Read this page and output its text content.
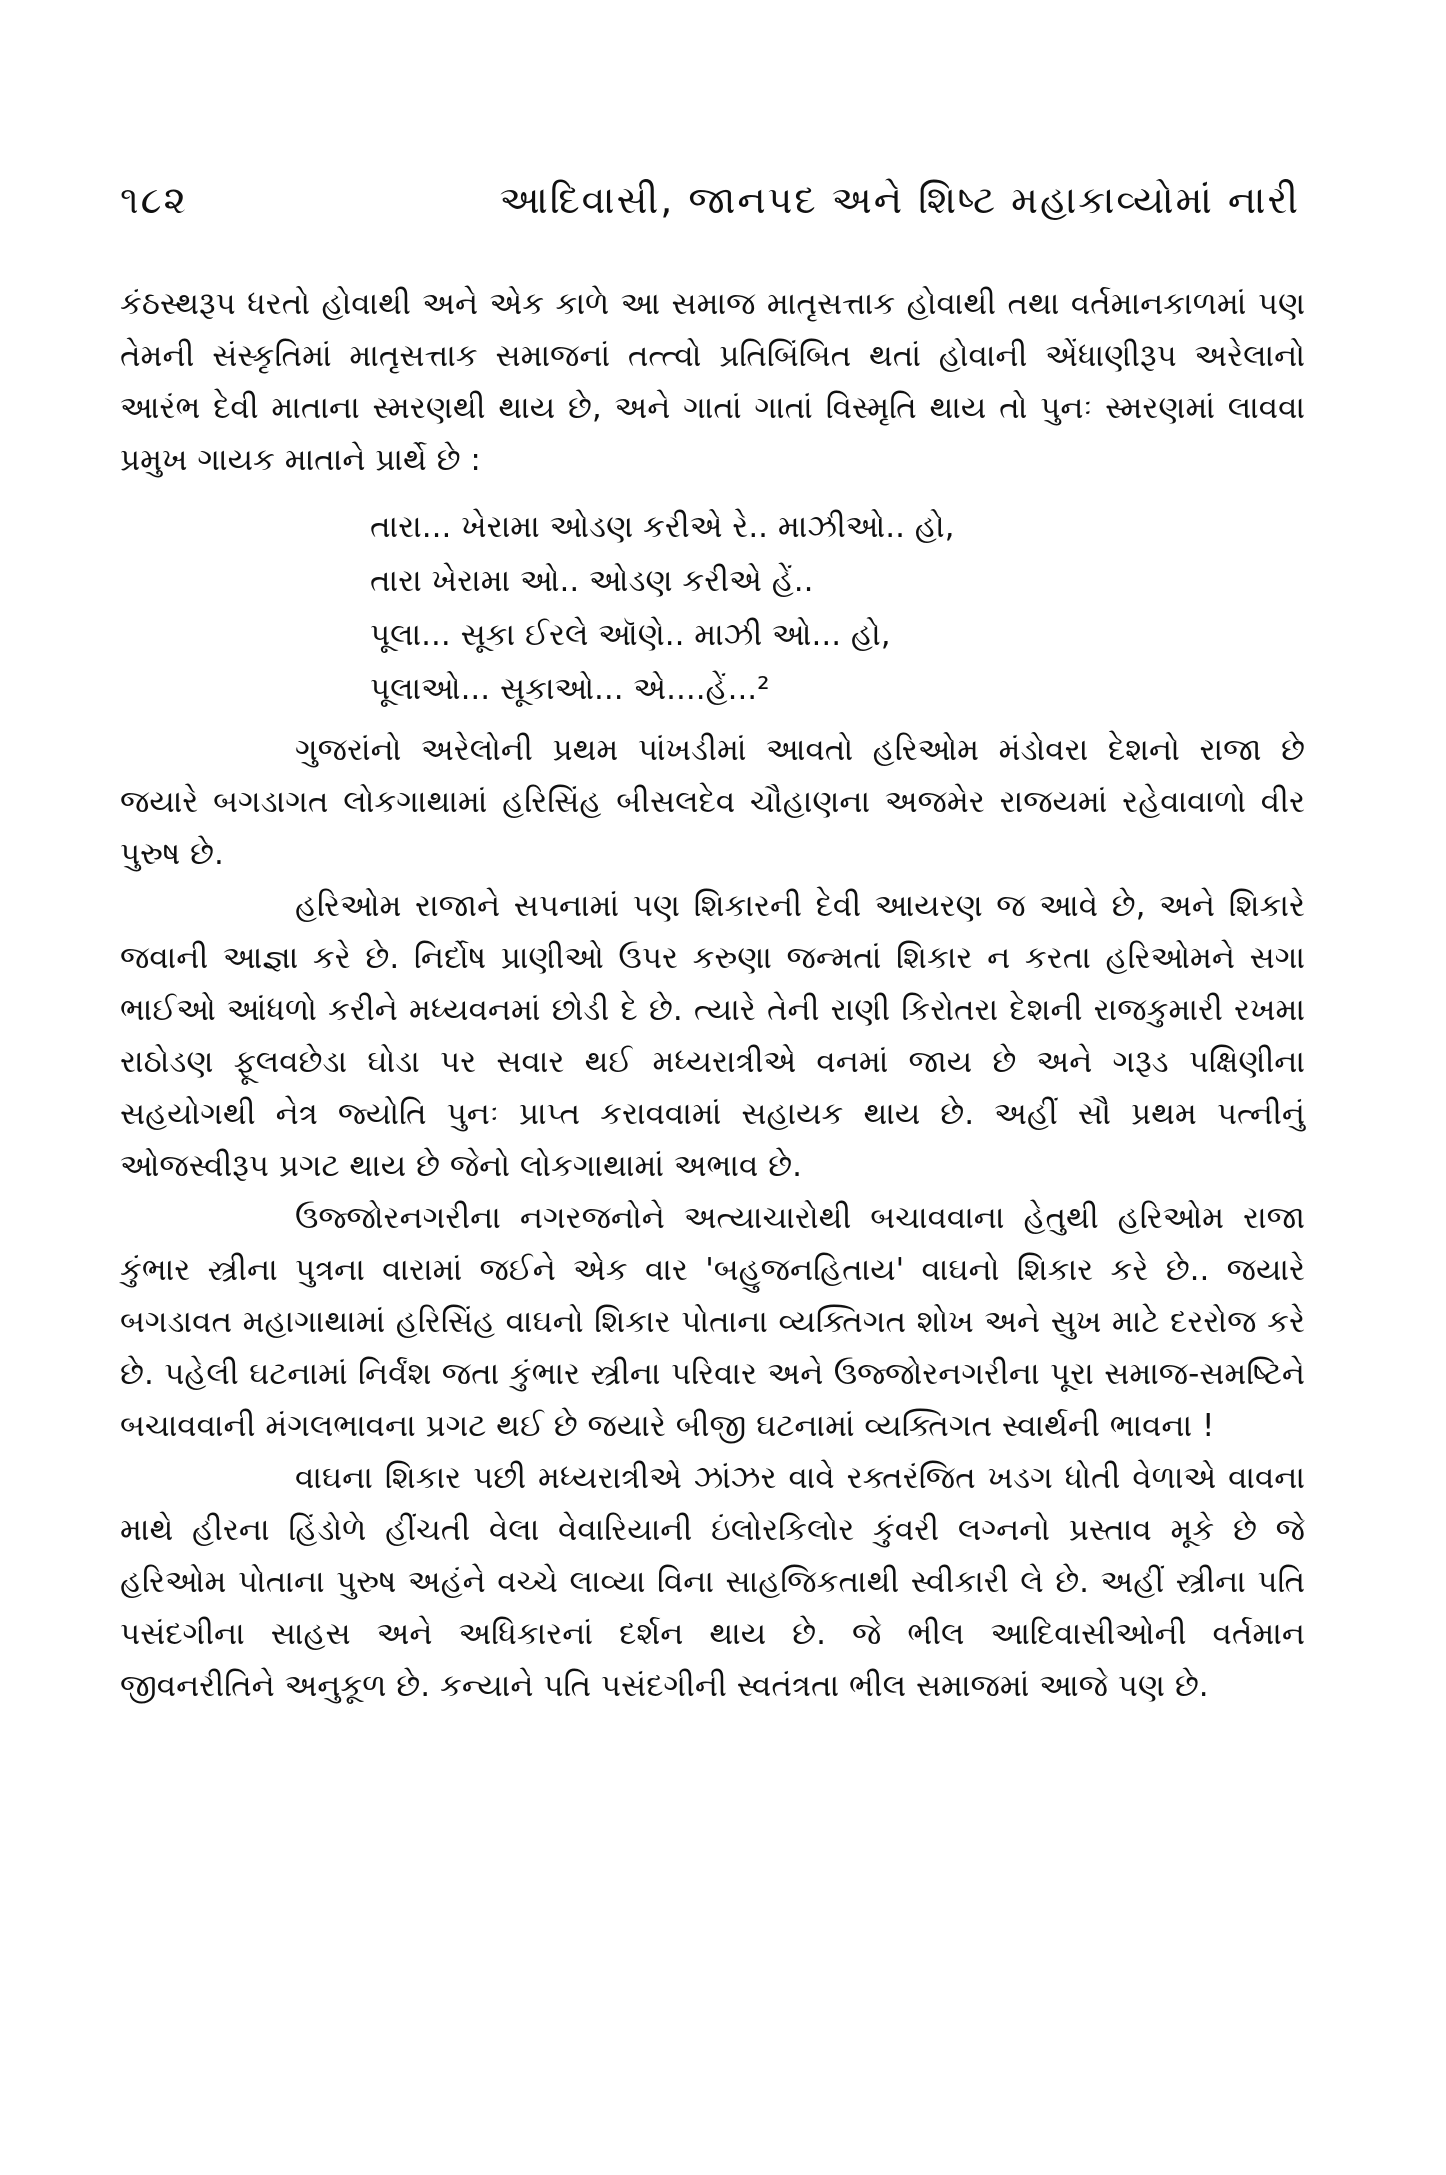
૧૮૨	આદિવાસી, જાનપદ અને શિષ્ટ મહાકાવ્યોમાં નારી

કંઠસ્થરૂપ ધરતો હોવાથી અને એક કાળે આ સમાજ માતૃસત્તાક હોવાથી તથા વર્તમાનકાળમાં પણ તેમની સંસ્કૃતિમાં માતૃસત્તાક સમાજનાં તત્ત્વો પ્રતિબિંબિત થતાં હોવાની એંધાણીરૂપ અરેલાનો આરંભ દેવી માતાના સ્મરણથી થાય છે, અને ગાતાં ગાતાં વિસ્મૃતિ થાય તો પુનઃ સ્મરણમાં લાવવા પ્રમુખ ગાયક માતાને પ્રાર્થે છે :

તારા... ખેરામા ઓડણ કરીએ રે.. માઝીઓ.. હો,
તારા ખેરામા ઓ.. ઓડણ કરીએ હેં..
પૂલા... સૂકા ઈરલે ઑણે.. માઝી ઓ... હો,
પૂલાઓ... સૂકાઓ... એ....હેં...²

ગુજરાંનો અરેલોની પ્રથમ પાંખડીમાં આવતો હરિઓમ મંડોવરા દેશનો રાજા છે જયારે બગડાગત લોકગાથામાં હરિસિંહ બીસલદેવ ચૌહાણના અજમેર રાજયમાં રહેવાવાળો વીર પુરુષ છે.

હરિઓમ રાજાને સપનામાં પણ શિકારની દેવી આયરણ જ આવે છે, અને શિકારે જવાની આજ્ઞા કરે છે. નિર્દોષ પ્રાણીઓ ઉપર કરુણા જન્મતાં શિકાર ન કરતા હરિઓમને સગા ભાઈઓ આંધળો કરીને મધ્યવનમાં છોડી દે છે. ત્યારે તેની રાણી કિરોતરા દેશની રાજકુમારી રખમા રાઠોડણ ફૂલવછેડા ઘોડા પર સવાર થઈ મધ્યરાત્રીએ વનમાં જાય છે અને ગરૂડ પક્ષિણીના સહયોગથી નેત્ર જ્યોતિ પુનઃ પ્રાપ્ત કરાવવામાં સહાયક થાય છે. અહીં સૌ પ્રથમ પત્નીનું ઓજસ્વીરૂપ પ્રગટ થાય છે જેનો લોકગાથામાં અભાવ છે.

ઉજ્જોરનગરીના નગરજનોને અત્યાચારોથી બચાવવાના હેતુથી હરિઓમ રાજા કુંભાર સ્ત્રીના પુત્રના વારામાં જઈને એક વાર 'બહુજનહિતાય' વાઘનો શિકાર કરે છે.. જયારે બગડાવત મહાગાથામાં હરિસિંહ વાઘનો શિકાર પોતાના વ્યક્તિગત શોખ અને સુખ માટે દરરોજ કરે છે. પહેલી ઘટનામાં નિર્વંશ જતા કુંભાર સ્ત્રીના પરિવાર અને ઉજ્જોરનગરીના પૂરા સમાજ-સમષ્ટિને બચાવવાની મંગલભાવના પ્રગટ થઈ છે જયારે બીજી ઘટનામાં વ્યક્તિગત સ્વાર્થની ભાવના !

વાઘના શિકાર પછી મધ્યરાત્રીએ ઝાંઝર વાવે રક્તરંજિત ખડગ ધોતી વેળાએ વાવના માથે હીરના હિંડોળે હીંચતી વેલા વેવારિયાની ઇંલોરકિલોર કુંવરી લગ્નનો પ્રસ્તાવ મૂકે છે જે હરિઓમ પોતાના પુરુષ અહંને વચ્ચે લાવ્યા વિના સાહજિકતાથી સ્વીકારી લે છે. અહીં સ્ત્રીના પતિ પસંદગીના સાહસ અને અધિકારનાં દર્શન થાય છે. જે ભીલ આદિવાસીઓની વર્તમાન જીવનરીતિને અનુકૂળ છે. કન્યાને પતિ પસંદગીની સ્વતંત્રતા ભીલ સમાજમાં આજે પણ છે.
